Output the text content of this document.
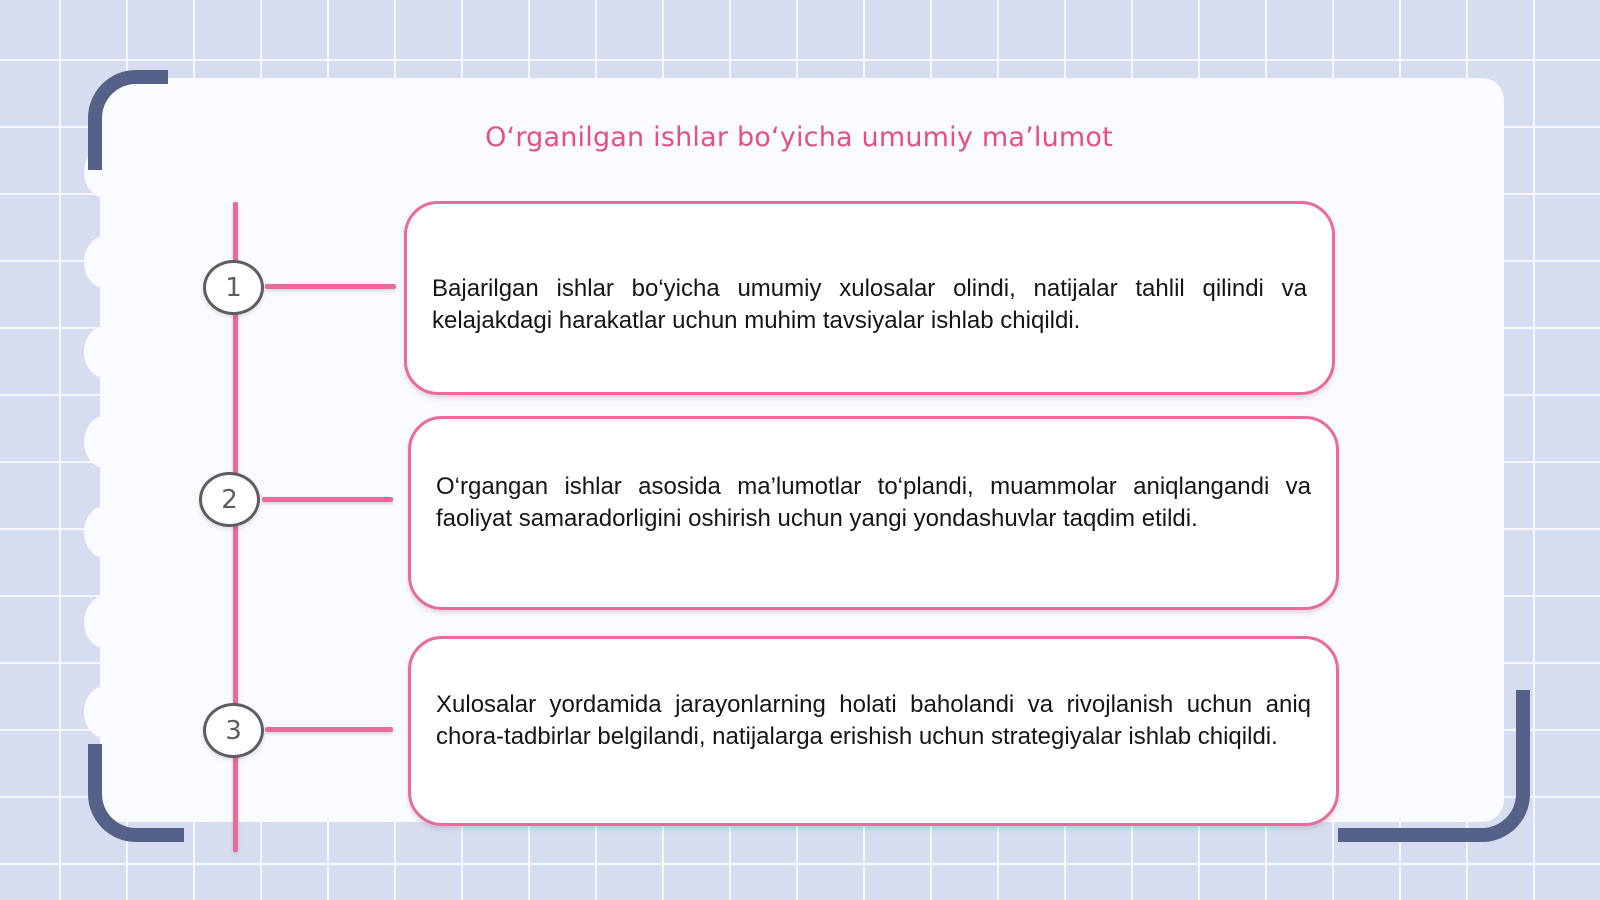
O‘rganilgan ishlar bo‘yicha umumiy ma’lumot
1
2
3

Bajarilgan ishlar bo‘yicha umumiy xulosalar olindi, natijalar tahlil qilindi va kelajakdagi harakatlar uchun muhim tavsiyalar ishlab chiqildi.

O‘rgangan ishlar asosida ma’lumotlar to‘plandi, muammolar aniqlangandi va faoliyat samaradorligini oshirish uchun yangi yondashuvlar taqdim etildi.

Xulosalar yordamida jarayonlarning holati baholandi va rivojlanish uchun aniq chora-tadbirlar belgilandi, natijalarga erishish uchun strategiyalar ishlab chiqildi.
